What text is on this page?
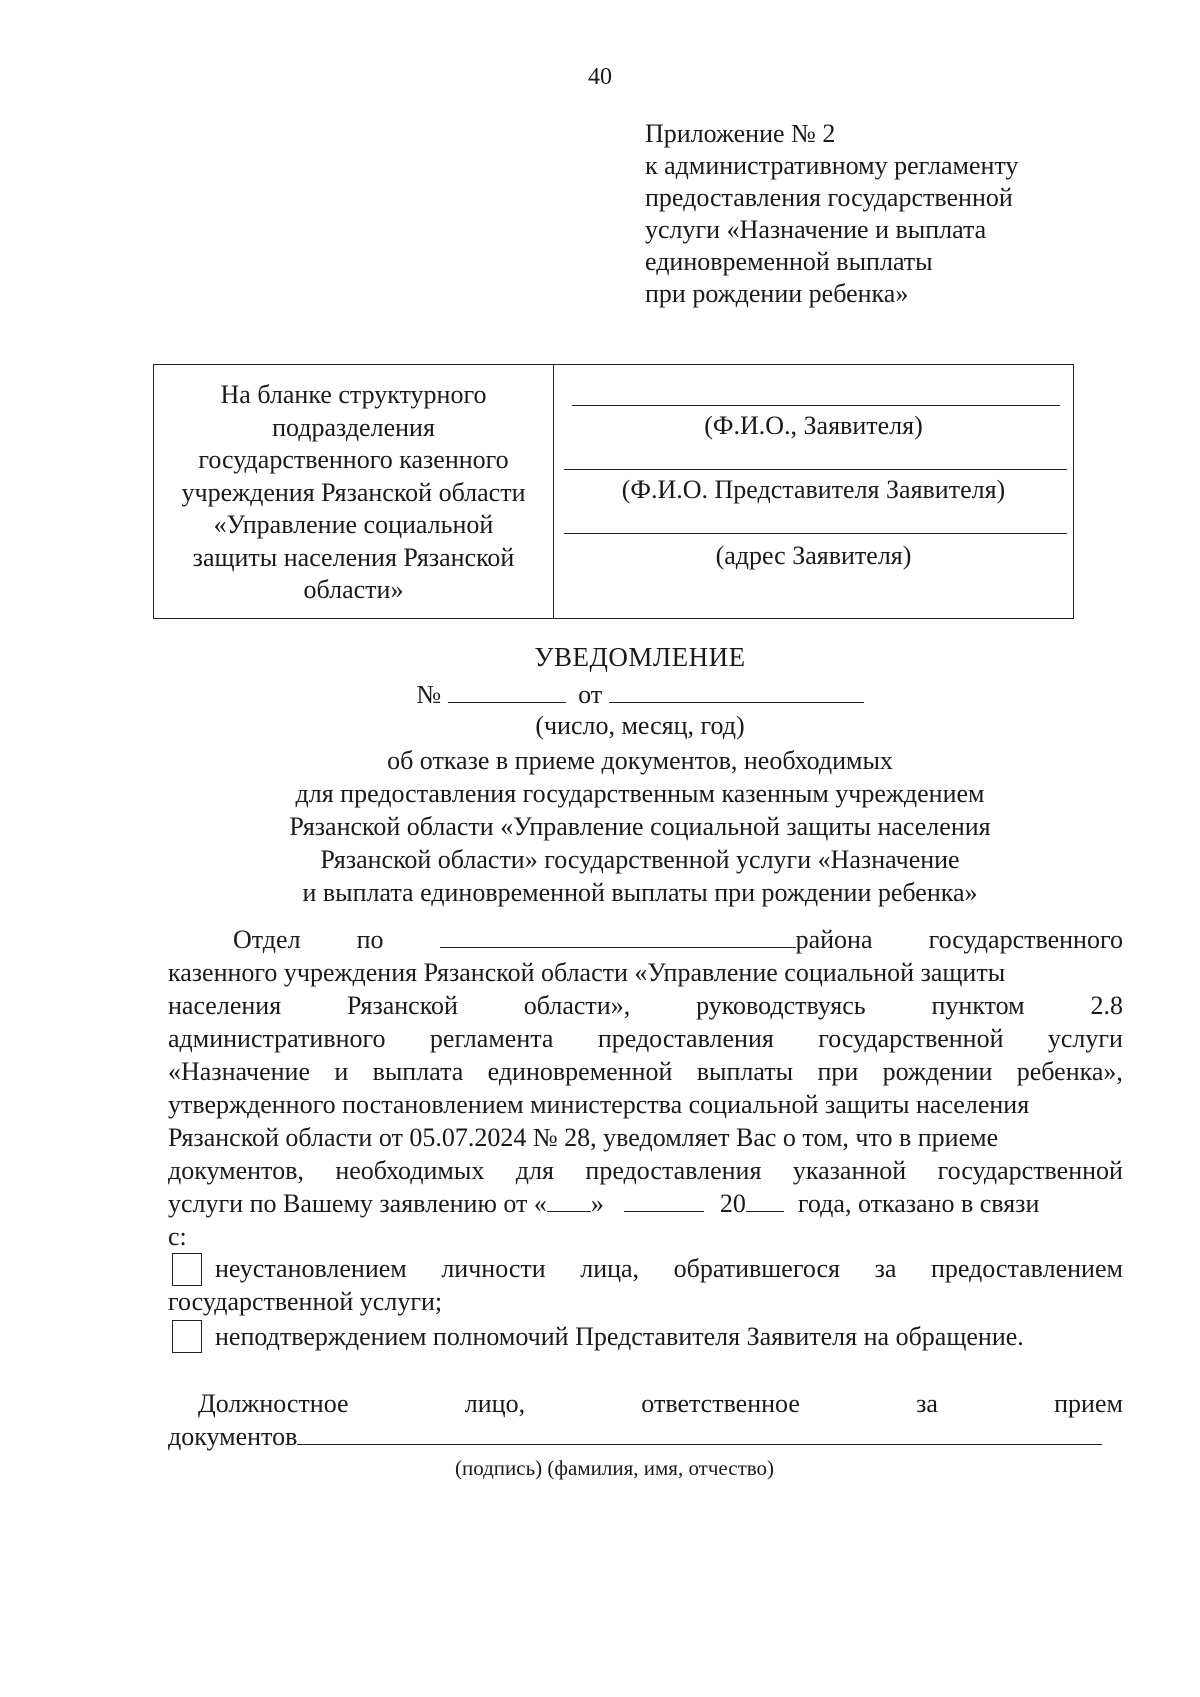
40
Приложение № 2
к административному регламенту
предоставления государственной
услуги «Назначение и выплата
единовременной выплаты
при рождении ребенка»
На бланке структурного
подразделения
государственного казенного
учреждения Рязанской области
«Управление социальной
защиты населения Рязанской
области»
(Ф.И.О., Заявителя)
(Ф.И.О. Представителя Заявителя)
(адрес Заявителя)
УВЕДОМЛЕНИЕ
№	от
(число, месяц, год)
об отказе в приеме документов, необходимых
для предоставления государственным казенным учреждением
Рязанской области «Управление социальной защиты населения
Рязанской области» государственной услуги «Назначение
и выплата единовременной выплаты при рождении ребенка»
Отдел по	района государственного
казенного учреждения Рязанской области «Управление социальной защиты
населения	Рязанской	области»,	руководствуясь	пунктом	2.8
административного регламента предоставления государственной услуги
«Назначение и выплата единовременной выплаты при рождении ребенка»,
утвержденного постановлением министерства социальной защиты населения
Рязанской области от 05.07.2024 № 28, уведомляет Вас о том, что в приеме
документов, необходимых для предоставления указанной государственной
услуги по Вашему заявлению от « »	20 года, отказано в связи
с:
неустановлением личности лица, обратившегося за предоставлением
государственной услуги;
неподтверждением полномочий Представителя Заявителя на обращение.
Должностное	лицо,	ответственное	за	прием
документов
(подпись) (фамилия, имя, отчество)
